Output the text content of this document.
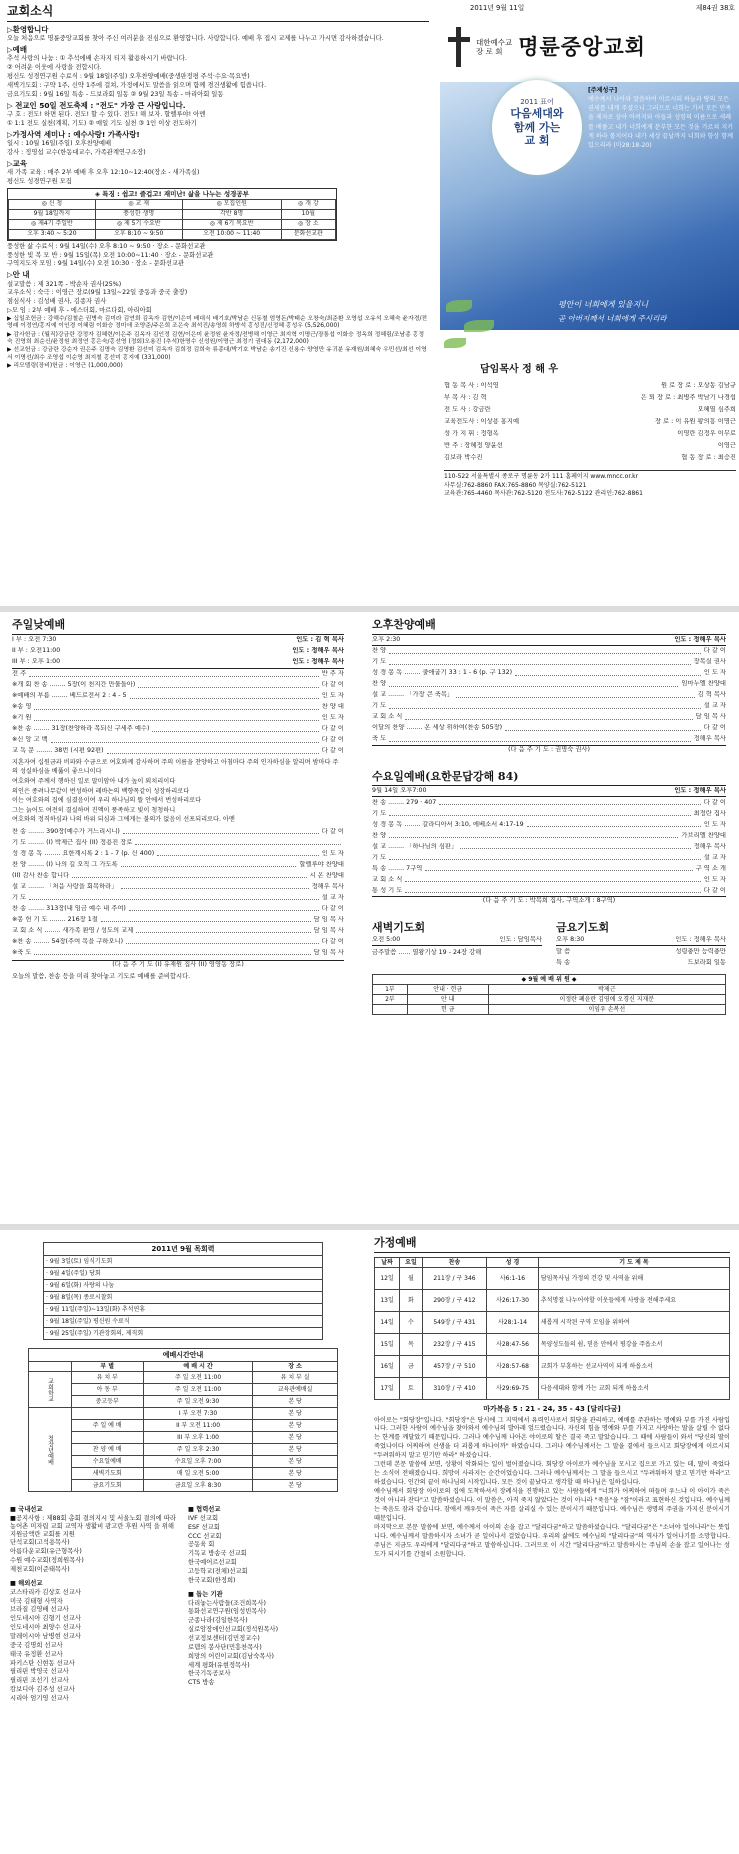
교회소식
▷환영합니다
오늘 처음으로 명륜중앙교회를 찾아 주신 여러분을 진심으로 환영합니다. 사랑합니다. 예배 후 접시 교제를 나누고 가시면 감사하겠습니다.
▷예배
추석 사랑의 나눔 : ① 추석에배 손자지 티지 활용하시기 바랍니다.
② 어려운 이웃에 사랑을 전합시다.
평신도 성경연구원 수료식 : 9월 18일(주일) 오후찬양예배(중생판정평 주석·수요·목요반)
새벽기도회 : 구약 1주, 신약 1주에 걸쳐, 가정에서도 말씀을 읽으며 함께 경건생활에 힘씁니다.
금요기도회 : 9월 16일 특송 - 드보라회 일동 ② 9월 23일 특송 - 마리아회 일동
▷ 전교인 50일 전도축제 : "전도" 가장 큰 사랑입니다.
구 호 : 전도! 하면 된다. 전도! 할 수 있다. 전도! 해 보자. 할렐루야! 아멘
① 1:1 전도 실천(계획, 기도) ② 매일 기도 실천 ③ 1인 이상 전도하기
▷가정사역 세미나 : 예수사랑! 가족사랑!
일시 : 10월 16일(주일) 오후찬양예배
강사 : 정영섭 교수(한동대교수, 가족관계연구소장)
▷교육
새 가족 교육 : 매주 2부 예배 후 오후 12:10~12:40(장소 - 새가족실)
평신도 성경연구원 모집
◈ 특징 : 쉽고! 즐겁고! 재미난! 삶을 나누는 성경공부
◎ 신 청	◎ 교 재	◎ 모집인원	◎ 개 강
9월 18일까지	풍성한 생명	각반 8명	10월
◎ 제4기 주일반	◎ 제 5기 수요반	◎ 제 6기 목요반	◎ 장 소
오후 3:40 ~ 5:20	오후 8:10 ~ 9:50	오전 10:00 ~ 11:40	문화선교관
풍성한 삶 수료식 : 9월 14일(수) 오후 8:10 ~ 9:50 · 장소 - 문화선교관
풍성한 빛 복 모 반 : 9월 15일(목) 오전 10:00~11:40 · 장소 - 문화선교관
구역지도자 모임 : 9월 14일(수) 오전 10:30 · 장소 - 문화선교관
▷안 내
설교말씀 : 제 321쪽 - 박순자 권사(25%)
교우소식 : 숙극 : 이영근 장로(9월 13일~22일 중동과 중국 출장)
점심식사 : 김성배 권사, 김종자 권사
▷모 임 : 2부 예배 후 - 에스더회, 마르다회, 아리아회
▶ 십일조헌금 : 강해수/김철순 권병숙 김미라 김연희 김옥자 김현/이은미 배대식 배기호/박남순 신동철 엄영돈/박태순 오창숙/최준환 오영섭 오유석 오혜숙 윤자경/전영래 이정연/홍지예 이인경 이혜림 이화승 정미애 조양준/주은희 조은숙 최석진/송영희 하방석 홍성진/신정혜 홍성우 (5,526,000)
▶ 감사헌금 : (월직)강금란 강정자 김혜련/이은주 김옥자 김인정 김현/이은미 윤정원 윤자정/전병해 이영근 최지혁 이명근/장통섭 이화승 정옥희 정혜림/조남종 홍정숙 진영희 최순신/윤정원 최정연 홍은숙/홍선영 (정회)오용진 (추석)한명수 신성원/이명근 최정기 권대동 (2,172,000)
▶ 선교헌금 : 강금란 강순자 권은주 김명숙 김명환 김선미 김옥자 김희정 김희숙 류종대/박기호 박남순 송기진 신용수 양영만 유귀분 유재원/최혜숙 우민선/최선 이영서 이명선/최수 조영섭 이순영 최지철 홍선미 홍지예 (331,000)
▶ 리모델링(장비)헌금 : 이영근 (1,000,000)
2011년 9월 11일	제84권 38호
대한예수교
장 로 회 명륜중앙교회
2011 표어
다음세대와
함께 가는
교 회
[주제성구]
예수께서 나아와 말씀하여 이르시되 하늘과 땅의 모든 권세를 내게 주셨으니 그러므로 너희는 가서 모든 민족을 제자로 삼아 아버지와 아들과 성령의 이름으로 세례를 베풀고 내가 너희에게 분부한 모든 것을 가르쳐 지키게 하라 볼지어다 내가 세상 끝날까지 너희와 항상 함께 있으리라 (마28:18-20)
평안이 너희에게 있을지니
곧 아버지께서 너희에게 주시리라
담임목사 정 해 우
협 동 목 사 : 이석영	원 로 장 로 : 오상동 김남규
부 목 사 : 김 혁	은 퇴 장 로 : 최병주 박남기 나경섭
전 도 사 : 강금란	오혜열 심주희
교육전도사 : 이상용 홍지예	장 로 : 이 유원 황의흥 이명근
성 가 지 휘 : 정형옥	이영란 김정우 이무로
반 주 : 장혜정 양윤선	이영근
김보라 박수진	협 동 장 로 : 최승진
110-522 서울특별시 종로구 명륜동 2가 111 홈페이지 www.mncc.or.kr
사무실:762-8860 FAX:765-8860 목양실:762-5121
교육관:765-4460 목사관:762-5120 전도사:762-5122 관리인:762-8861
주일낮예배
I 부 : 오전 7:30	인도 : 김 혁 목사
II 부 : 오전11:00	인도 : 정해우 목사
III 부 : 오후 1:00	인도 : 정해우 목사
전 주	반 주 자
※개 회 찬 송 ........ 5장(이 천지간 만물들아)	다 같 이
※예배의 부름 ........ 베드로전서 2 : 4 - 5	인 도 자
※송 영	찬 양 대
※기 원	인 도 자
※찬 송 ........ 31장(찬양하라 복되신 구세주 예수)	다 같 이
※신 앙 고 백	다 같 이
교 독 문 ........ 38번 (시편 92편)	다 같 이
지혼자여 십원금과 비파와 수금으로 여호와께 감사하며 주의 이름을 찬양하고 아침마다 주의 인자하심을 알리며 밤마다 주의 성실하심을 베풂이 좋으니이다
여호와여 주께서 행하신 일로 말미암아 내가 높이 외치리이다
의인은 종려나무같이 번성하며 레바논의 백향목같이 성장하리로다
이는 여호와의 집에 심겼음이여 우리 하나님의 뜰 안에서 번성하리로다
그는 늙어도 여전히 결실하며 진액이 풍족하고 빛이 청청하니
여호와의 정직하심과 나의 바위 되심과 그에게는 불의가 없음이 선포되리로다. 아멘
찬 송 ........ 390장(예수가 거느리시니)	다 같 이
기 도 ........ (I) 박제근 집사 (II) 정용진 장로
성 경 봉 독 ........ 요한계시록 2 : 1 - 7 (p. 신 400)	인 도 자
찬 양 ........ (I) 나의 길 오직 그 가도록	할렐루야 찬양대
(II) 감사 찬송 합니다	시 온 찬양대
설 교 ........ 「처음 사랑을 회복하라」	정해우 목사
기 도	설 교 자
찬 송 ........ 313장(내 임금 예수 내 주여)	다 같 이
※봉 헌 기 도 ........ 216장 1절	담 임 목 사
교 회 소 식 ........ 새가족 환영 / 성도의 교제	담 임 목 사
※찬 송 ........ 54장(주여 복을 구하오니)	다 같 이
※축 도	담 임 목 사
(다 음 주 기 도 (I) 유재원 집사 (II) 영영동 장로)
오늘의 말씀, 찬송 등을 미리 찾아놓고 기도로 예배를 준비합시다.
오후찬양예배
오후 2:30	인도 : 정해우 목사
찬 양	다 같 이
기 도	장복실 권사
성 경 봉 독 ........ 출애굽기 33 : 1 - 6 (p. 구 132)	인 도 자
찬 양	임마누엘 찬양대
설 교 ........ 「가장 큰 축복」	김 혁 목사
기 도	설 교 자
교 회 소 식	담 임 목 사
이달의 찬양 ........ 온 세상 위하여(찬송 505장)	다 같 이
축 도	정해우 목사
(다 음 주 기 도 : 권명숙 권사)
수요일예배(요한문답강해 84)
9월 14일 오후7:00	인도 : 정해우 목사
찬 송 ........ 279 · 407	다 같 이
기 도	최정란 집사
성 경 봉 독 ........ 갈라디아서 3:10, 에베소서 4:17-19	인 도 자
찬 양	가브리엘 찬양대
설 교 ........ 「하나님의 심판」	정해우 목사
기 도	설 교 자
특 송 ........ 7구역	구 역 소 개
교 회 소 식	인 도 자
통 성 기 도	다 같 이
(다 음 주 기 도 : 박복희 집사, 구역소개 : 8구역)
새벽기도회
오전 5:00	인도 : 담임목사
금주말씀 ...... 열왕기상 19 - 24장 강해
금요기도회
오후 8:30	인도 : 정해우 목사
말 씀	성령충만 능력충만
특 송	드보라회 일동
◆ 9월 예 배 위 원 ◆		
1부	안내 · 헌금	박제근
2부	안 내	이정란 폐윤란 김영애 오경신 지재분
	헌 금	이임우 손복선
2011년 9월 목회력
· 9월 3일(토) 임식기도회
· 9월 4일(주일) 당회
· 9월 6일(화) 사랑의 나눔
· 9월 8일(목) 종로시찰회
· 9월 11일(주일)~13일(화) 추석연휴
· 9월 18일(주일) 평신원 수료식
· 9월 25일(주일) 기관장회의, 제직회
예배시간안내			
	부 별	예 배 시 간	장 소
교회학교	유 치 부	주 일 오전 11:00	유 치 부 실
	아 동 부	주 일 오전 11:00	교육관예배실
	중고등부	주 일 오전 9:30	본 당
청장년예배		I 부 오전 7:30	본 당
	주 일 예 배	II 부 오전 11:00	본 당
		III 부 오후 1:00	본 당
	찬 양 예 배	주 일 오후 2:30	본 당
	수요일예배	수요일 오후 7:00	본 당
	새벽기도회	매 일 오전 5:00	본 당
	금요기도회	금요일 오후 8:30	본 당
■ 국내선교
■공지사항 : 제88회 총회 결의지시 및 서울노회 결의에 따라 농어촌 미자립 교회 교역자 생활비 광고란 후원 사역 을 위해 지원금액란 교회를 지원
단석교회(고석용목사)
아름다운교회(유근형목사)
수원 예수교회(정희원목사)
제천교회(이준태목사)
■ 해외선교
코스타리카 김상호 선교사
미국 김태형 사역자
브라질 김영배 선교사
인도네시아 김형기 선교사
인도네시아 최양수 선교사
말레이시아 남병현 선교사
중국 김명희 선교사
태국 유정환 선교사
파키스탄 신현동 선교사
필리핀 박영국 선교사
필리핀 조선기 선교사
캄보디아 김주성 선교사
시리아 엄기영 선교사
■ 협력선교
IVF 선교회
ESF 선교회
CCC 선교회
공동육 회
기독교 방송국 선교회
한국예어르선교회
고등학교(전체)선교회
한국교회(한정희)
■ 돕는 기관
다리놓는사람들(조건희목사)
통화선교연구원(임성빈목사)
군종나라(김일한목사)
실로암장애인선교회(정석원목사)
선교정보센터(김민정교수)
로뎀의 봉사단(민흥찬목사)
희망의 어린이교회(김남숙목사)
세계 평화(유현정목사)
한국기독공보사
CTS 방송
가정예배
날짜	요일	찬송	성 경	기 도 제 목
12일	월	211장 / 구 346	사6:1-16	담임목사님 가정의 건강 및 사역을 위해
13일	화	290장 / 구 412	사26:17-30	추석명절 나누어야할 이웃들에게 사랑을 전해주세요
14일	수	549장 / 구 431	사28:1-14	새롭게 시작된 구역 모임을 위하여
15일	목	232장 / 구 415	사28:47-56	목양성도들의 쉼, 믿음 안에서 평강을 주옵소서
16일	금	457장 / 구 510	사28:57-68	교회가 부흥하는 선교사역이 되게 하옵소서
17일	토	310장 / 구 410	사29:69-75	다음세대와 함께 가는 교회 되게 하옵소서
마가복음 5 : 21 - 24, 35 - 43 [달리다굼]
아이로는 "회당장"입니다. "회당장"은 당시에 그 지역에서 유력인사로서 회당을 관리하고, 예배를 주관하는 명예와 부를 가진 사람입니다. 그러한 사람이 예수님을 찾아와서 예수님의 발아래 엎드렸습니다. 자신의 힘을 명예와 부를 가지고 사랑하는 딸을 살릴 수 없다는 한계를 깨달았기 때문입니다. 그러나 예수님께 나아온 야이로의 딸은 결국 죽고 말았습니다. 그 때에 사람들이 와서 "당신의 딸이 죽었나이다 어찌하여 선생을 더 괴롭게 하나이까" 하였습니다. 그러나 예수님께서는 그 말을 곁에서 들으시고 회당장에게 이르시되 "두려워하지 말고 믿기만 하라" 하셨습니다.
그런데 본문 말씀에 보면, 상황이 악화되는 일이 벌어졌습니다. 회당장 아이로가 예수님을 모시고 집으로 가고 있는 데, 딸이 죽었다는 소식이 전해졌습니다. 희망이 사라지는 순간이었습니다. 그러나 예수님께서는 그 말을 들으시고 "두려워하지 말고 믿기만 하라"고 하셨습니다. 인간의 끝이 하나님의 시작입니다. 모든 것이 끝났다고 생각할 때 하나님은 일하십니다.
예수님께서 회당장 아이로의 집에 도착하셔서 장례식을 진행하고 있는 사람들에게 "너희가 어찌하여 떠들며 우느냐 이 아이가 죽은 것이 아니라 잔다"고 말씀하셨습니다. 이 말씀은, 아직 죽지 않았다는 것이 아니라 "죽음"을 "잠"이라고 표현하신 것입니다. 예수님께는 죽음도 잠과 같습니다. 잠에서 깨우듯이 죽은 자를 살리실 수 있는 분이시기 때문입니다. 예수님은 생명의 주권을 가지신 분이시기 때문입니다.
마지막으로 본문 말씀에 보면, 예수께서 아이의 손을 잡고 "달리다굼"하고 말씀하셨습니다. "달리다굼"은 "소녀야 일어나라"는 뜻입니다. 예수님께서 말씀하시자 소녀가 곧 일어나서 걸었습니다. 우리의 삶에도 예수님의 "달리다굼"의 역사가 일어나기를 소망합니다. 주님은 지금도 우리에게 "달리다굼"하고 말씀하십니다. 그러므로 이 시간 "달리다굼"하고 말씀하시는 주님의 손을 잡고 일어나는 성도가 되시기를 간절히 소원합니다.
